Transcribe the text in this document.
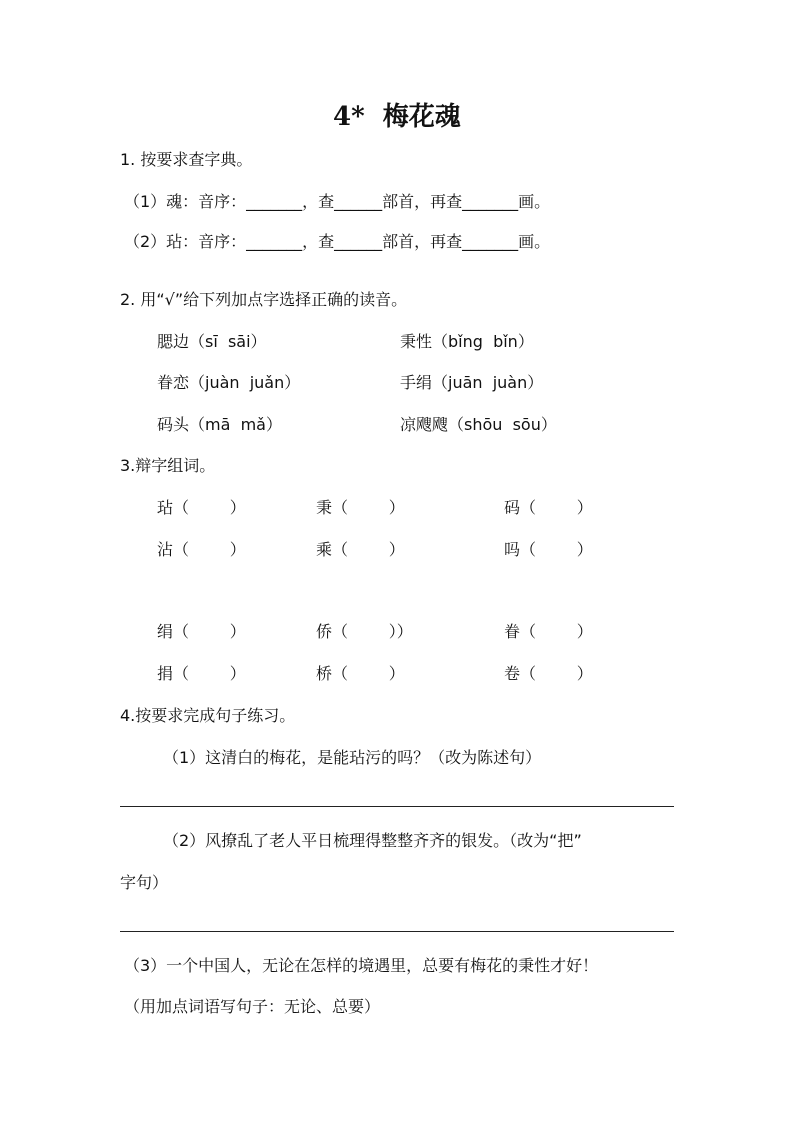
4*  梅花魂
1. 按要求查字典。
（1）魂：音序：_______，查______部首，再查_______画。
（2）玷：音序：_______，查______部首，再查_______画。
2. 用“√”给下列加点字选择正确的读音。
腮边（sī  sāi）	秉性（bǐng  bǐn）
眷恋（juàn  juǎn）	手绢（juān  juàn）
码头（mā  mǎ）	凉飕飕（shōu  sōu）
3.辩字组词。
玷（        ）	秉（        ）	码（        ）
沾（        ）	乘（        ）	吗（        ）
绢（        ）	侨（        ））	眷（        ）
捐（        ）	桥（        ）	卷（        ）
4.按要求完成句子练习。
（1）这清白的梅花，是能玷污的吗？（改为陈述句）
（2）风撩乱了老人平日梳理得整整齐齐的银发。（改为“把”
字句）
（3）一个中国人，无论在怎样的境遇里，总要有梅花的秉性才好！
（用加点词语写句子：无论、总要）
